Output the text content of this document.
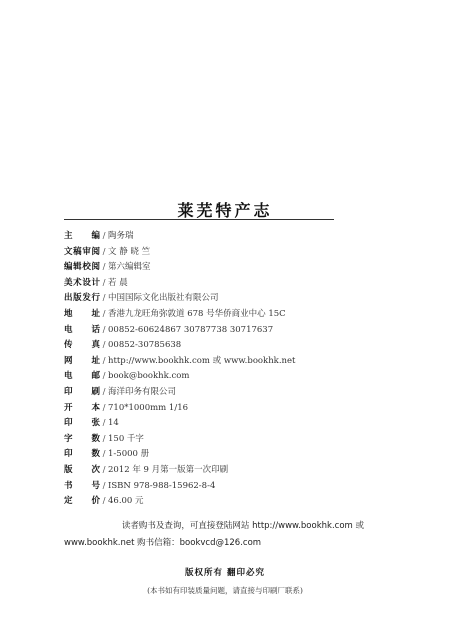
莱芜特产志
主 编 / 陶务瑞
文稿审阅 / 文 静 晓 竺
编辑校阅 / 第六编辑室
美术设计 / 若 晨
出版发行 / 中国国际文化出版社有限公司
地 址 / 香港九龙旺角弥敦道 678 号华侨商业中心 15C
电 话 / 00852-60624867 30787738 30717637
传 真 / 00852-30785638
网 址 / http://www.bookhk.com 或 www.bookhk.net
电 邮 / book@bookhk.com
印 刷 / 海洋印务有限公司
开 本 / 710*1000mm 1/16
印 张 / 14
字 数 / 150 千字
印 数 / 1-5000 册
版 次 / 2012 年 9 月第一版第一次印刷
书 号 / ISBN 978-988-15962-8-4
定 价 / 46.00 元
读者购书及查询，可直接登陆网站 http://www.bookhk.com 或
www.bookhk.net 购书信箱：bookvcd@126.com
版权所有 翻印必究
(本书如有印装质量问题，请直接与印刷厂联系)
